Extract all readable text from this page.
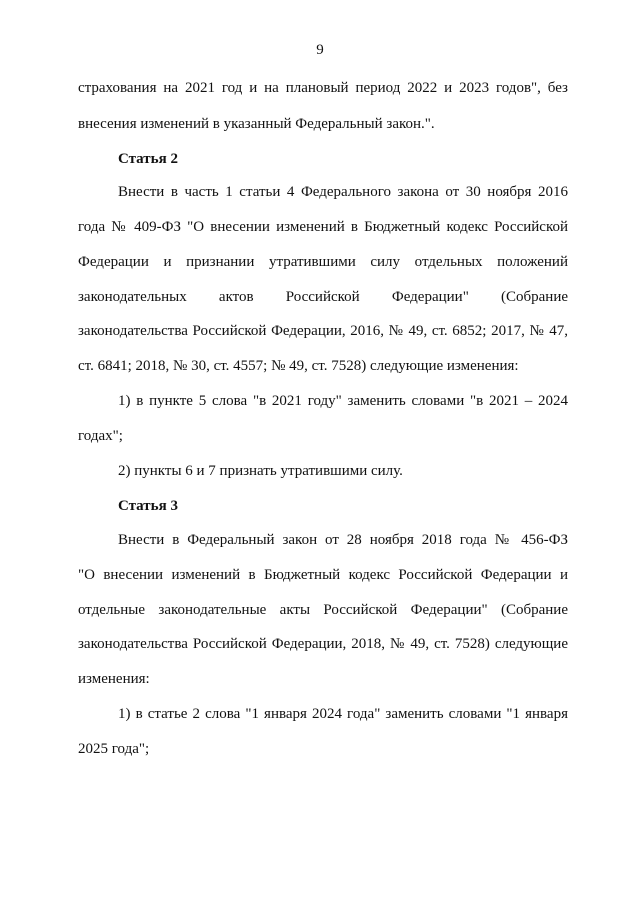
9
страхования на 2021 год и на плановый период 2022 и 2023 годов", без
внесения изменений в указанный Федеральный закон.".
Статья 2
Внести в часть 1 статьи 4 Федерального закона от 30 ноября 2016
года № 409-ФЗ "О внесении изменений в Бюджетный кодекс Российской
Федерации и признании утратившими силу отдельных положений
законодательных актов Российской Федерации" (Собрание
законодательства Российской Федерации, 2016, № 49, ст. 6852; 2017, № 47,
ст. 6841; 2018, № 30, ст. 4557; № 49, ст. 7528) следующие изменения:
1) в пункте 5 слова "в 2021 году" заменить словами "в 2021 – 2024
годах";
2) пункты 6 и 7 признать утратившими силу.
Статья 3
Внести в Федеральный закон от 28 ноября 2018 года № 456-ФЗ
"О внесении изменений в Бюджетный кодекс Российской Федерации и
отдельные законодательные акты Российской Федерации" (Собрание
законодательства Российской Федерации, 2018, № 49, ст. 7528) следующие
изменения:
1) в статье 2 слова "1 января 2024 года" заменить словами "1 января
2025 года";
